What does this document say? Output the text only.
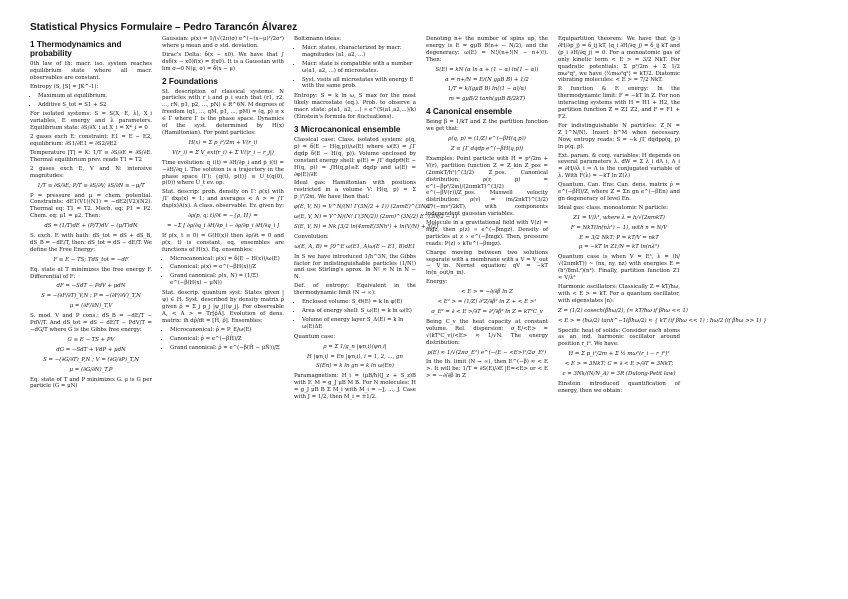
Statistical Physics Formulaire – Pedro Tarancón Álvarez
1 Thermodynamics and probability

0th law of th: macr. iso. system reaches equilibrium state where all macr. observables are constant.

Entropy (S, [S] = JK^-1):

• Maximum at equilibrium.
• Additive S_tot = S1 + S2

For isolated systems: S = S(X, E, λ), X_i variables, E energy and λ parameters. Equilibrium state: ∂S/∂X_i at X_i = X*_i = 0

2 gases exch E: constraint: E1 = E − E2, equilibrium: ∂S1/∂E1 = ∂S2/∂E2

Temperature [T] = K: 1/T ≡ ∂S/∂E = ∂S/∂E. Thermal equilibrium prev. reads T1 = T2

2 gases exch E, V and N: intensive magnitudes:

1/T ≡ ∂S/∂E; P/T ≡ ∂S/∂V; ∂S/∂N ≡ −μ/T

P = pressure and μ = chem. potential. Constraints: dE1(V1)(N1) = −dE2(V2)(N2). Thermal eq: T1 = T2. Mech. eq: P1 = P2. Chem. eq: μ1 = μ2. Then:

dS = (1/T)dE + (P/T)dV − (μ/T)dN

S. exch. E with bath: dS_tot = dS + dS_B, dS_B = −dE/T, then: dS_tot = dS − dE/T. We define the Free Energy:

F ≡ E − TS; TdS_tot = −dF

Eq. state at T minimizes the free energy F. Differential of F:

dF = −SdT − PdV + μdN
S = −(∂F/∂T)_V,N ; P = −(∂F/∂V)_T,N
μ = (∂F/∂N)_T,V

S. mod. V and P cons.: dS_B = −dE/T − PdV/T. And dS_tot = dS − dE/T − PdV/T = −dG/T where G is the Gibbs free energy:

G ≡ E − TS + PV
dG = −SdT + VdP + μdN
S = −(∂G/∂T)_P,N ; V = (∂G/∂P)_T,N
μ = (∂G/∂N)_T,P

Eq. state of T and P minimizes G. μ is G per particle (G = μN)

Gaussian: ρ(x) = 1/(√(2π)σ) e^(−(x−μ)²/2σ²) where μ mean and σ std. deviation.

Dirac's Delta: δ(x − x0). We have that ∫ dxδ(x − x0)f(x) = f(x0). It is a Gaussian with lim σ→0 N(μ, σ) = δ(x − μ)

2 Foundations

St. description of classical systems: N particles with r_i and p_i such that (r1, r2, ..., rN, p1, p2, ..., pN) ∈ R^6N. M degrees of freedom (q1, ..., qM, p1, ..., pM) = (q, p) ≡ x ∈ Γ where Γ is the phase space. Dynamics of the syst. determined by H(x) (Hamiltonian). For point particles:

H(x) = Σ p_i²/2m + V(r_i)
V(r_i) = Σ V_ext(r_i) + Σ V(|r_i − r_j|)

Time evolution: q̇_i(t) = ∂H/∂p_i and ṗ_i(t) = −∂H/∂q_i. The solution is a trajectory in the phase space (Γ): {q(t), p(t)} ≡ U_t(q(0), p(0)) where U_t ev. op.

Stat. descrip: prob. density on Γ: ρ(x) with ∫Γ dxρ(x) = 1; and averages < A > = ∫Γ dxρ(x)A(x). A class. observable. Ev. given by:

∂ρ(p, q; t)/∂t = −{ρ, H} =
= −Σ [ ∂ρ/∂q_i ∂H/∂p_i − ∂ρ/∂p_i ∂H/∂q_i ]

If ρ(x, t ≡ 0) = G(H(x)) then ∂ρ/∂t = 0 and ρ(x, t) is constant, eq. ensembles are functions of H(x). Eq. ensembles:

• Microcanonical: ρ(x) = δ(E − H(x))/ω(E)
• Canonical: ρ(x) = e^(−βH(x))/Z
• Grand canonical: ρ(x, N) = (1/Ξ) e^(−β(H(x) − μN))

Stat. descrip. quantum syst: States given |ψ⟩ ∈ H. Syst. described by density matrix ρ̂ given ρ̂ = Σ_j p_j |ψ_j⟩⟨ψ_j|. For observable A, < A > = Tr[ρ̂Â]. Evolution of dens. matrix: iħ dρ̂/dt = [Ĥ, ρ̂]. Ensembles:

• Microcanonical: ρ̂ = P_E/ω(E)
• Canonical: ρ̂ = e^(−βĤ)/Z
• Grand canonical: ρ̂ = e^(−β(Ĥ − μN̂))/Ξ

Boltzmann ideas:

• Macr. states, characterized by macr. magnitudes (a1, a2, ...)
• Macr. state is compatible with a number ω(a1, a2, ...) of microstates.
• Syst. visits all microstates with energy E with the same prob.

Entropy: S = k ln ω, S max for the most likely macrostate (eq.). Prob. to observe a macr. state: ρ(a1, a2, ...) ∝ e^(S(a1,a2,...)/k) (Einstein's formula for fluctuations).

3 Microcanonical ensemble

Classical case: Class. isolated system: ρ(q, p) = δ(E − H(q,p))/ω(E) where ω(E) = ∫Γ dqdp δ(E − H(q, p)). Volume enclosed by constant energy shell: φ(E) = ∫Γ dqdpΘ(E − H(q, p)) = ∫H(q,p)≤E dqdp and ω(E) = ∂φ(E)/∂E

Ideal gas: Hamiltonian with positions restricted in a volume V: H(q, p) = Σ p_i²/2m. We have then that:

φ(E, V, N) = V^N/(N! Γ(3N/2 + 1)) (2πmE)^(3N/2)
ω(E, V, N) = V^N/(N! Γ(3N/2)) (2πm)^(3N/2) E^(3N/2 − 1)
S(E, V, N) = Nk [3/2 ln(4πmE/3Nh²) + ln(V/N) + 5/2]

Convolution:

ω(E, A, B) = ∫0^E ω(E1, A)ω(E − E1, B)dE1

In S we have introduced 1/h^3N, the Gibbs factor for indistinguishable particles (1/N!) and use Stirling's aprox. ln N! ≈ N ln N − N.

Def. of entropy: Equivalent in the thermodynamic limit (N → ∞):

• Enclosed volume: S_Θ(E) = k ln φ(E)
• Area of energy shell: S_ω(E) = k ln ω(E)
• Volume of energy layer S_Δ(E) = k ln ω(E)ΔE

Quantum case:

ρ = Σ 1/g_n |ψn,i⟩⟨ψn,i|
H |ψn,i⟩ = En |ψn,i⟩, i = 1, 2, ..., gn
S(En) = k ln gn = k ln ω(En)

Paramagnetism: H_i = (μB/ħ)(J_z + S_z)B with E_M = g_J μB M B. For N molecules: H = g_J μB B Σ M_i with M_i = −J, ..., J. Case with J = 1/2, then M_i = ±1/2.

Denoting n+ the number of spins up, the energy is E = gμB B(n+ − N/2), and the degeneracy: ω(E) = N!/(n+!(N − n+)!). Then:

S(E) = kN (α ln α + (1 − α) ln(1 − α))
α = n+/N = E/(N gμB B) + 1/2
1/T = k/(gμB B) ln((1 − α)/α)
m = gμB/2 tanh(gμB B/2kT)
4 Canonical ensemble

Being β = 1/kT and Z the partition function we get that:

ρ(q, p) = (1/Z) e^(−βH(q,p))
Z ≡ ∫Γ dqdp e^(−βH(q,p))

Examples: Point particle with H = p²/2m + V(r), partition function Z = Z_kin Z_pos = (2πmkT/h²)^(3/2) Z_pos. Canonical distribution: ρ(r, p) = e^(−βp²/2m)/(2πmkT)^(3/2) · e^(−βV(r))/Z_pos. Maxwell velocity distribution: ρ(v) = (m/2πkT)^(3/2) e^(−mv²/2kT), with components independent gaussian variables.

Molecule in a gravitational field with V(z) = mgz, then ρ(z) ∝ e^(−βmgz). Density of particles at z ∝ e^(−βmgz). Then, pressure reads: P(z) ∝ kTe^(−βmgz).

Charge moving between two solutions separate with a membrane with a V = V_out − V_in. Nernst equation: qV = −kT ln(n_out/n_in).

Energy:

< E > = −∂/∂β ln Z
< E² > = (1/Z) ∂²Z/∂β² ln Z + < E >²
σ_E² = ∂ < E >/∂T = ∂²/∂β² ln Z = kT²C_v

Being C_v the heat capacity at constant volume. Rel. dispersion: σ_E/<E> = √(kT²C_v)/<E> ≈ 1/√N. The energy distribution:

ρ(E) ≈ 1/√(2πσ_E²) e^(−(E − <E>)²/2σ_E²)

In the th. limit (N → ∞), then E^(−β) ≈ < E >. It will be: 1/T = ∂S(E)/∂E |E=<E> or < E > = −∂/∂β ln Z

Equipartition theorem: We have that ⟨p_i ∂H/∂p_j⟩ = δ_ij kT, ⟨q_i ∂H/∂q_j⟩ = δ_ij kT and ⟨p_i ∂H/∂q_j⟩ = 0. For a monoatomic gas of only kinetic term < E > = 3/2 NkT. For quadratic potentials: Σ p²/2m + Σ 1/2 mω²q², we have ⟨½mω²q²⟩ = kT/2. Diatomic vibrating molecules: < E > = 7/2 NkT.

P. function & F. energy: In the thermodynamic limit: F = −kT ln Z. For non interacting systems with H = H1 + H2, the partition function Z = Z1 Z2, and F = F1 + F2.

For indistinguishable N particles: Z_N = Z_1^N/N!. Insert h^M when necessary. Now, entropy reads: S = −k ∫Γ dqdpρ(q, p) ln ρ(q, p).

Ext. param. & conj. variables: H depends on several parameters λ. dW = Σ λ_i dΛ_i, Λ_i = ∂H/∂λ_i ⇒ Λ is the conjugated variable of λ. With F(λ) = −kT ln Z(λ)

Quantum. Can. Ens: Can. dens. matrix ρ̂ = e^(−βĤ)/Z, where Z = Σn gn e^(−βEn) and gn degeneracy of level En.

Ideal gas: class. monoatomic N particle:

Z1 = V/λ³, where λ = h/√(2πmkT)
F = NkT(ln(nλ³) − 1), with n = N/V
E = 3/2 NkT; P = kT/V = nkT
μ = −kT ln Z1/N = kT ln(nλ³)

Quantum case is when V = E³, λ = (h/√(2πmkT)) ~ (nx, ny, nz) with energies E = (h²/8mL²)(n²). Finally, partition function Z1 ≈ V/λ³

Harmonic oscillators: Classically Z = kT/ħω, with < E > = kT. For a quantum oscillator, with eigenstates |n⟩:

Z = (1/2) cosech(βħω/2), (≈ kT/ħω if βħω << 1)
< E > = (ħω/2) tanh^−1(βħω/2) ≈ { kT (if βħω << 1) ; ħω/2 (if βħω >> 1) }

Specific heat of solids: Consider each atoms as an ind. harmonic oscillator around position r_i⁰. We have:

H = Σ p_i²/2m + Σ ½ mω²(r_i − r_i⁰)²
< E > = 3NkT; C = ∂ < E >/∂T = 3NkT;
c = 3Nk/(N/N_A) = 3R (Dulong-Petit law)

Einstein introduced quantification of energy, then we obtain:
